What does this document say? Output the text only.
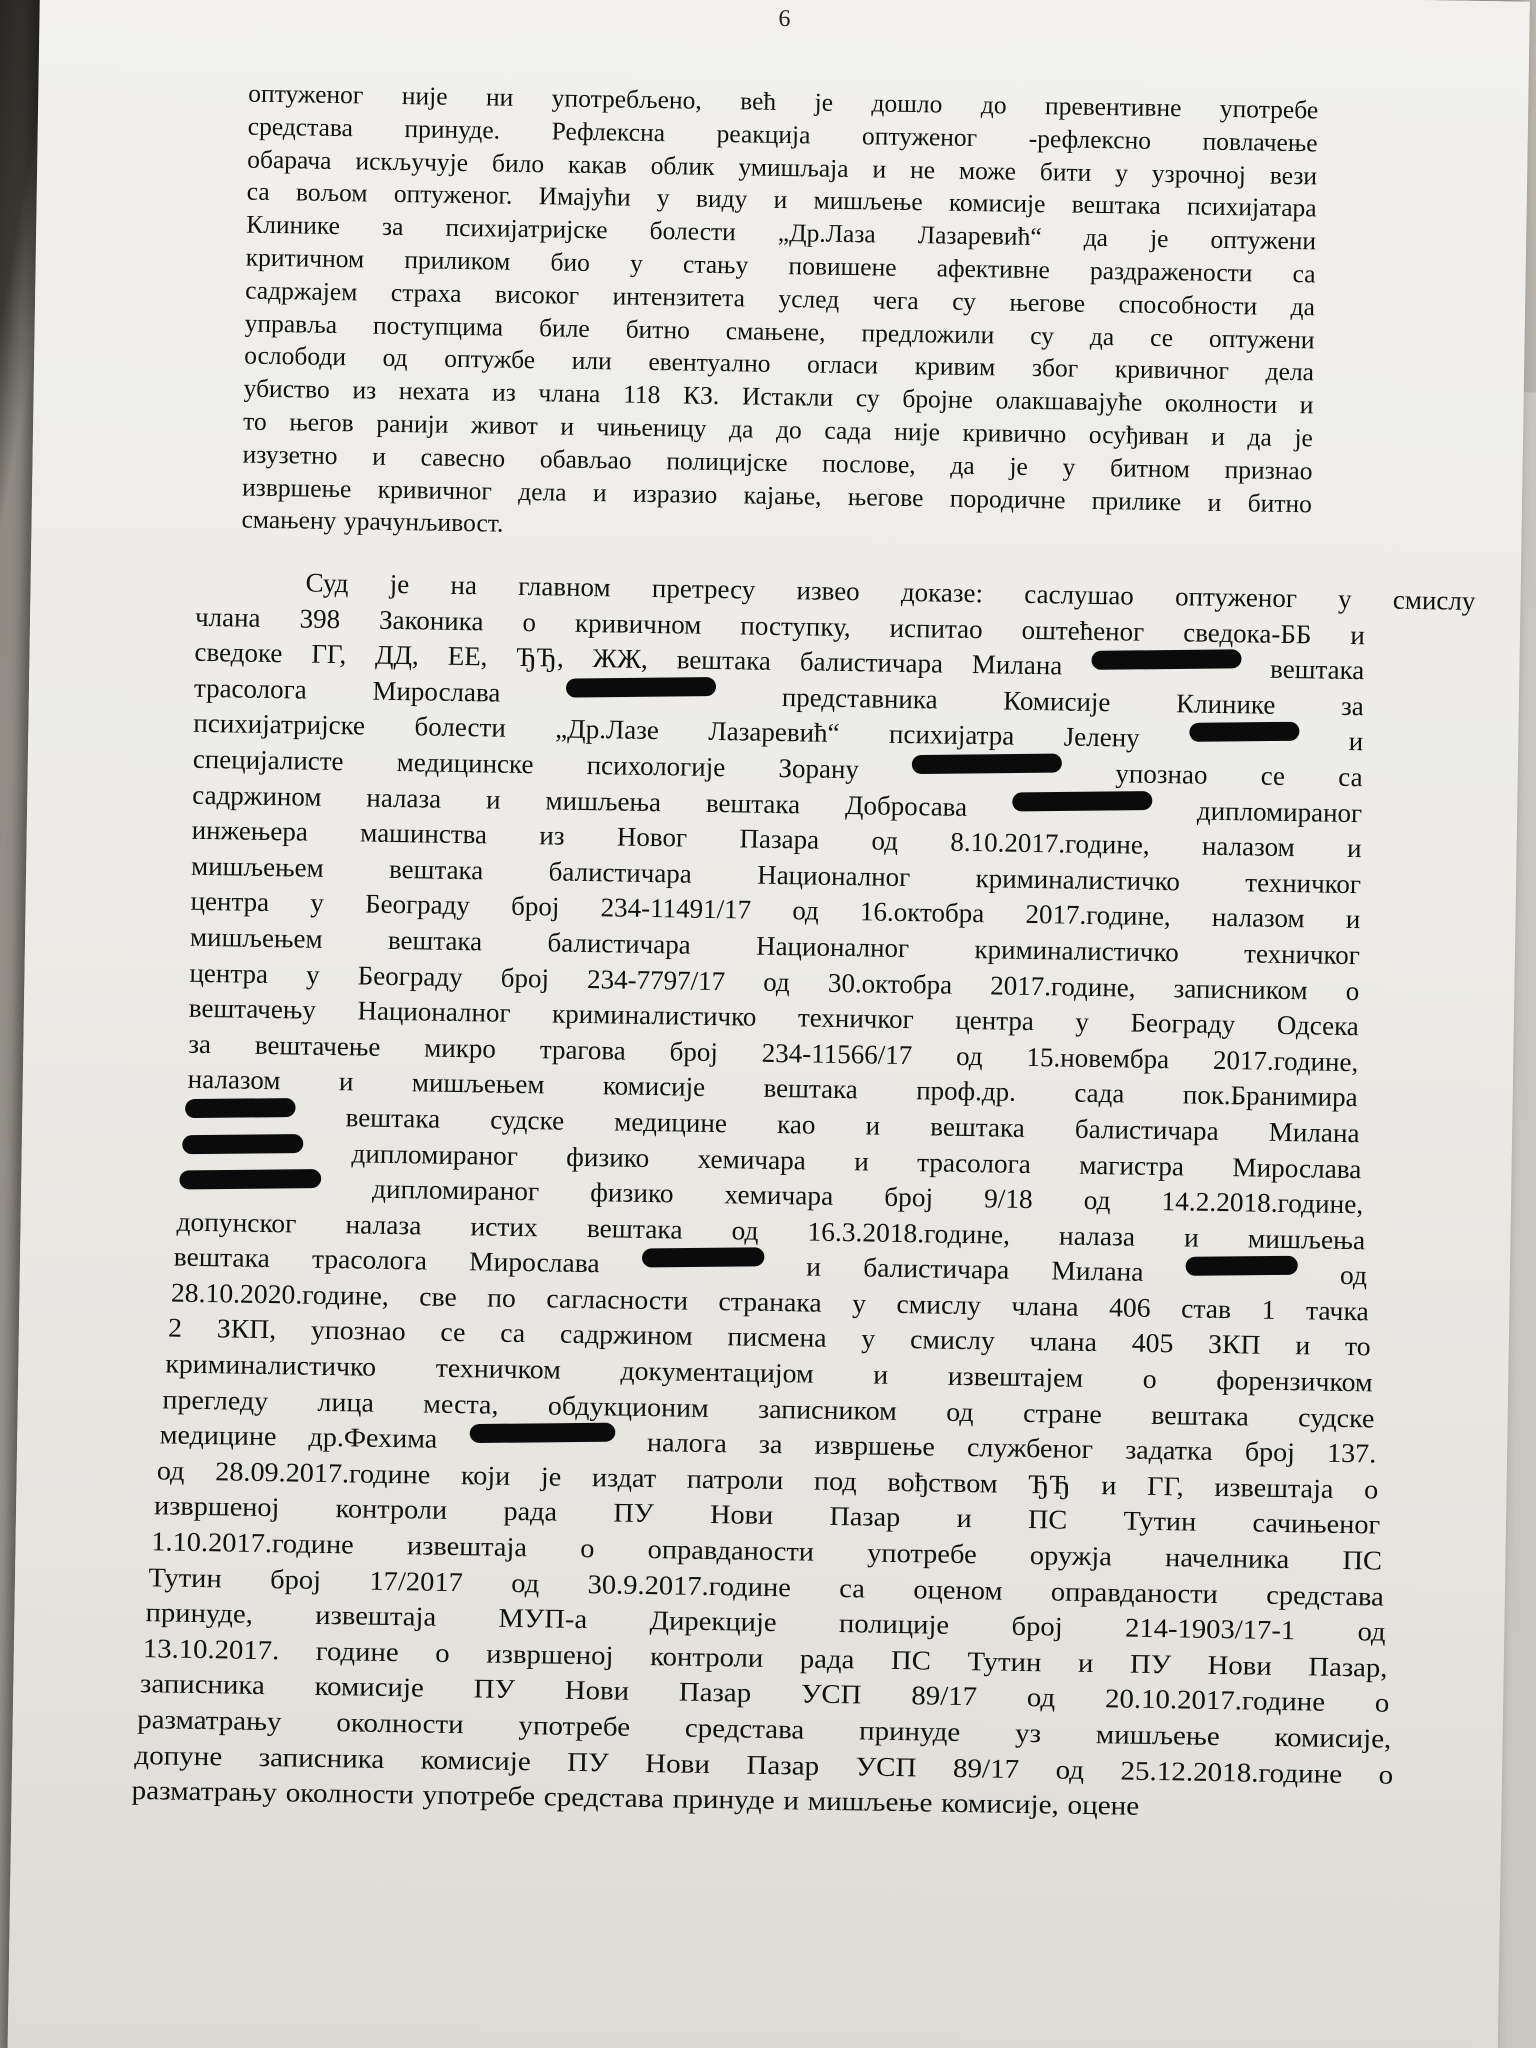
6
оптуженог није ни употребљено, већ је дошло до превентивне употребе
средстава принуде. Рефлексна реакција оптуженог -рефлексно повлачење
обарача искључује било какав облик умишљаја и не може бити у узрочној вези
са вољом оптуженог. Имајући у виду и мишљење комисије вештака психијатара
Клинике за психијатријске болести „Др.Лаза Лазаревић“ да је оптужени
критичном приликом био у стању повишене афективне раздражености са
садржајем страха високог интензитета услед чега су његове способности да
управља поступцима биле битно смањене, предложили су да се оптужени
ослободи од оптужбе или евентуално огласи кривим због кривичног дела
убиство из нехата из члана 118 КЗ. Истакли су бројне олакшавајуће околности и
то његов ранији живот и чињеницу да до сада није кривично осуђиван и да је
изузетно и савесно обављао полицијске послове, да је у битном признао
извршење кривичног дела и изразио кајање, његове породичне прилике и битно
смањену урачунљивост.
Суд је на главном претресу извео доказе: саслушао оптуженог у смислу
члана 398 Законика о кривичном поступку, испитао оштећеног сведока-ББ и
сведоке ГГ, ДД, ЕЕ, ЂЂ, ЖЖ, вештака балистичара Милана	вештака
трасолога Мирослава	представника Комисије Клинике за
психијатријске болести „Др.Лазе Лазаревић“ психијатра Јелену	и
специјалисте медицинске психологије Зорану	упознао се са
садржином налаза и мишљења вештака Добросава	дипломираног
инжењера машинства из Новог Пазара од 8.10.2017.године, налазом и
мишљењем вештака балистичара Националног криминалистичко техничког
центра у Београду број 234-11491/17 од 16.октобра 2017.године, налазом и
мишљењем вештака балистичара Националног криминалистичко техничког
центра у Београду број 234-7797/17 од 30.октобра 2017.године, записником о
вештачењу Националног криминалистичко техничког центра у Београду Одсека
за вештачење микро трагова број 234-11566/17 од 15.новембра 2017.године,
налазом и мишљењем комисије вештака проф.др. сада пок.Бранимира
вештака судске медицине као и вештака балистичара Милана
дипломираног физико хемичара и трасолога магистра Мирослава
дипломираног физико хемичара број 9/18 од 14.2.2018.године,
допунског налаза истих вештака од 16.3.2018.године, налаза и мишљења
вештака трасолога Мирослава	и балистичара Милана	од
28.10.2020.године, све по сагласности странака у смислу члана 406 став 1 тачка
2 ЗКП, упознао се са садржином писмена у смислу члана 405 ЗКП и то
криминалистичко техничком документацијом и извештајем о форензичком
прегледу лица места, обдукционим записником од стране вештака судске
медицине др.Фехима	налога за извршење службеног задатка број 137.
од 28.09.2017.године који је издат патроли под вођством ЂЂ и ГГ, извештаја о
извршеној контроли рада ПУ Нови Пазар и ПС Тутин сачињеног
1.10.2017.године извештаја о оправданости употребе оружја начелника ПС
Тутин број 17/2017 од 30.9.2017.године са оценом оправданости средстава
принуде, извештаја МУП-а Дирекције полиције број 214-1903/17-1 од
13.10.2017. године о извршеној контроли рада ПС Тутин и ПУ Нови Пазар,
записника комисије ПУ Нови Пазар УСП 89/17 од 20.10.2017.године о
разматрању околности употребе средстава принуде уз мишљење комисије,
допуне записника комисије ПУ Нови Пазар УСП 89/17 од 25.12.2018.године о
разматрању околности употребе средстава принуде и мишљење комисије, оцене
